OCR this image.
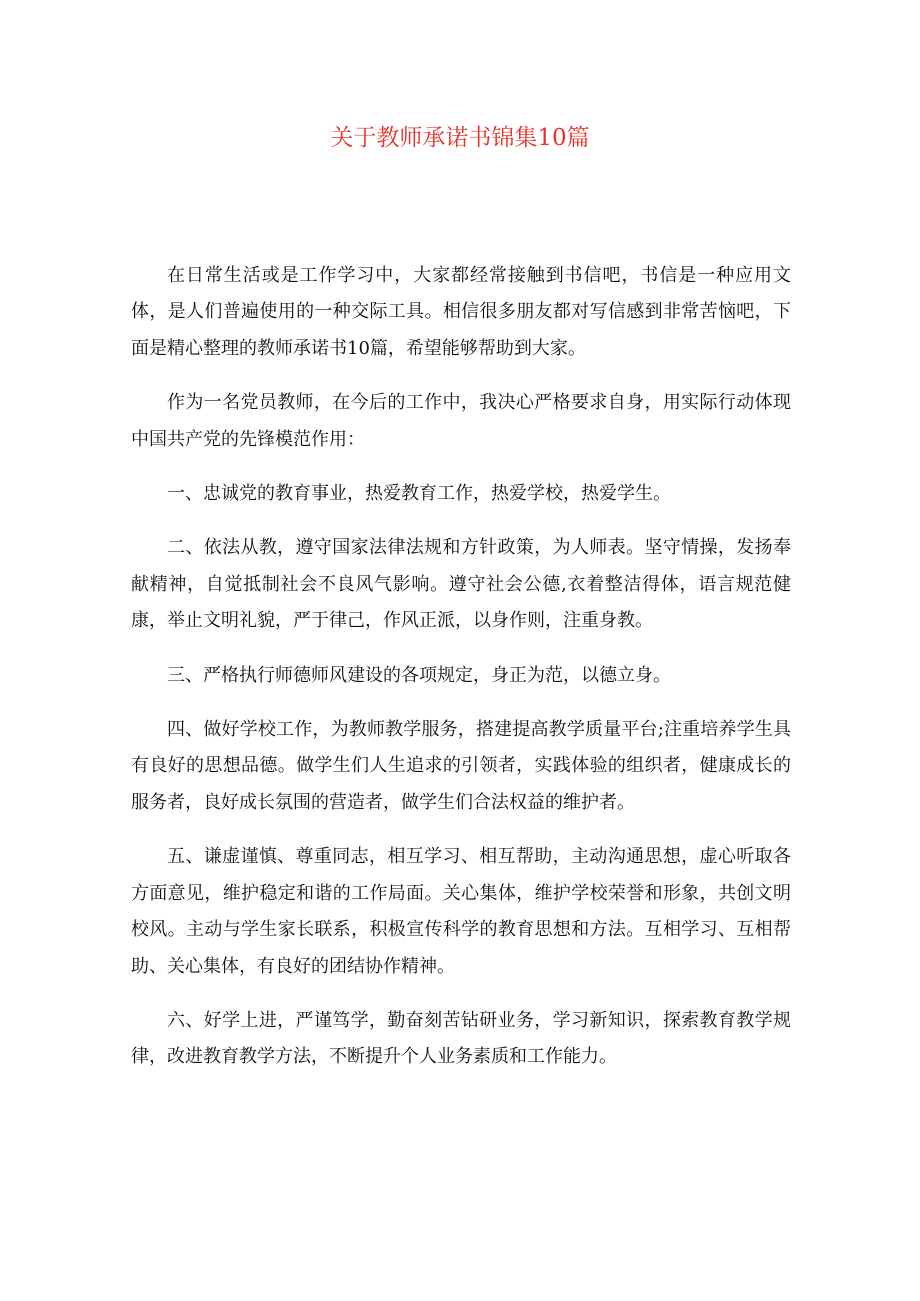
关于教师承诺书锦集10篇

在日常生活或是工作学习中，大家都经常接触到书信吧，书信是一种应用文体，是人们普遍使用的一种交际工具。相信很多朋友都对写信感到非常苦恼吧，下面是精心整理的教师承诺书10篇，希望能够帮助到大家。

作为一名党员教师，在今后的工作中，我决心严格要求自身，用实际行动体现中国共产党的先锋模范作用：

一、忠诚党的教育事业，热爱教育工作，热爱学校，热爱学生。

二、依法从教，遵守国家法律法规和方针政策，为人师表。坚守情操，发扬奉献精神，自觉抵制社会不良风气影响。遵守社会公德,衣着整洁得体，语言规范健康，举止文明礼貌，严于律己，作风正派，以身作则，注重身教。

三、严格执行师德师风建设的各项规定，身正为范，以德立身。

四、做好学校工作，为教师教学服务，搭建提高教学质量平台;注重培养学生具有良好的思想品德。做学生们人生追求的引领者，实践体验的组织者，健康成长的服务者，良好成长氛围的营造者，做学生们合法权益的维护者。

五、谦虚谨慎、尊重同志，相互学习、相互帮助，主动沟通思想，虚心听取各方面意见，维护稳定和谐的工作局面。关心集体，维护学校荣誉和形象，共创文明校风。主动与学生家长联系，积极宣传科学的教育思想和方法。互相学习、互相帮助、关心集体，有良好的团结协作精神。

六、好学上进，严谨笃学，勤奋刻苦钻研业务，学习新知识，探索教育教学规律，改进教育教学方法，不断提升个人业务素质和工作能力。
